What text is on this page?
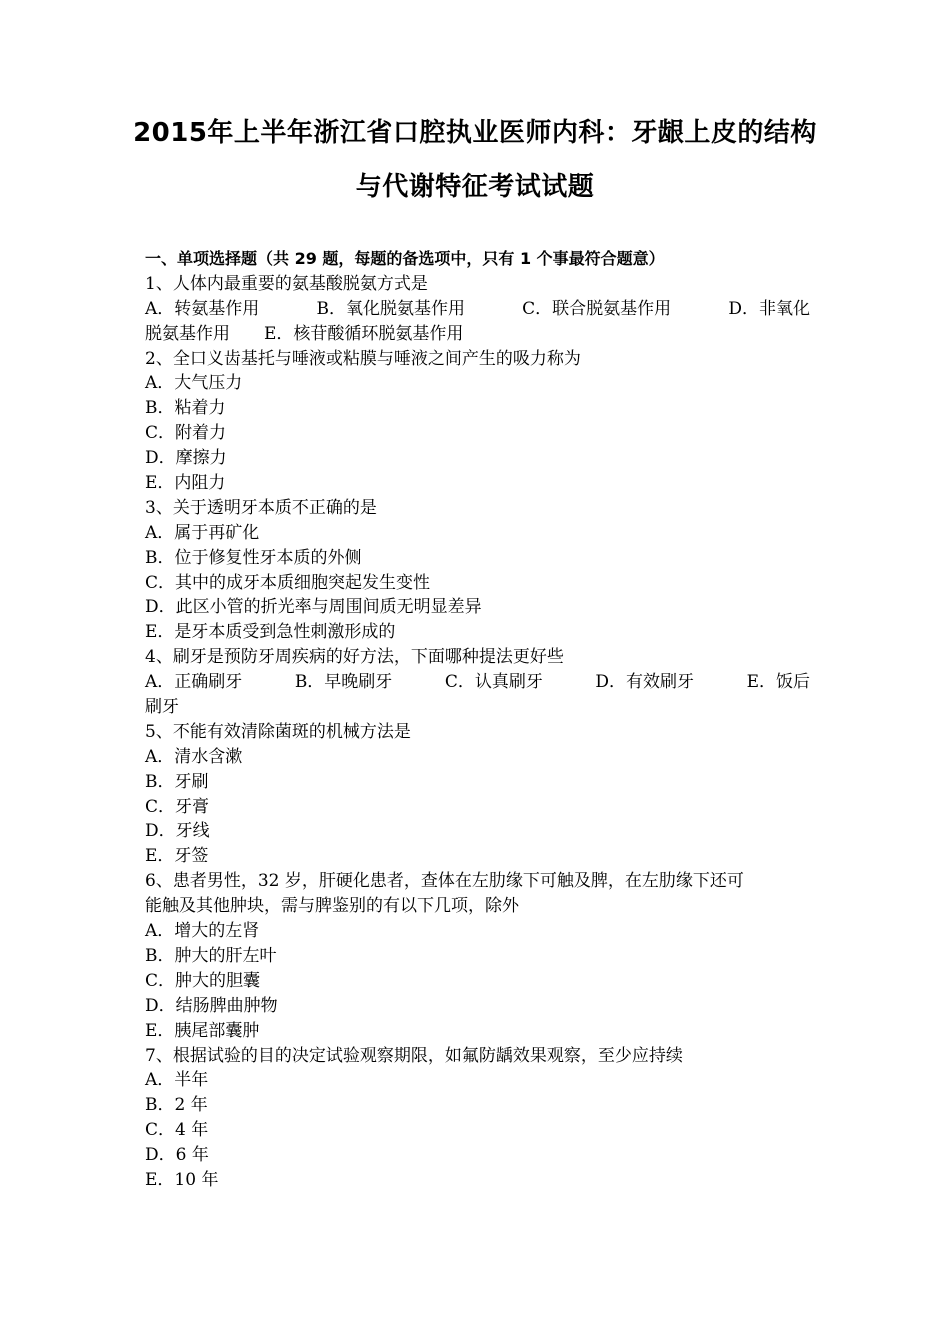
2015年上半年浙江省口腔执业医师内科：牙龈上皮的结构
与代谢特征考试试题
一、单项选择题（共 29 题，每题的备选项中，只有 1 个事最符合题意）
1、人体内最重要的氨基酸脱氨方式是
A．转氨基作用	B．氧化脱氨基作用	C．联合脱氨基作用	D．非氧化
脱氨基作用 E．核苷酸循环脱氨基作用
2、全口义齿基托与唾液或粘膜与唾液之间产生的吸力称为
A．大气压力
B．粘着力
C．附着力
D．摩擦力
E．内阻力
3、关于透明牙本质不正确的是
A．属于再矿化
B．位于修复性牙本质的外侧
C．其中的成牙本质细胞突起发生变性
D．此区小管的折光率与周围间质无明显差异
E．是牙本质受到急性刺激形成的
4、刷牙是预防牙周疾病的好方法，下面哪种提法更好些
A．正确刷牙	B．早晚刷牙	C．认真刷牙	D．有效刷牙	E．饭后
刷牙
5、不能有效清除菌斑的机械方法是
A．清水含漱
B．牙刷
C．牙膏
D．牙线
E．牙签
6、患者男性，32 岁，肝硬化患者，查体在左肋缘下可触及脾，在左肋缘下还可
能触及其他肿块，需与脾鉴别的有以下几项，除外
A．增大的左肾
B．肿大的肝左叶
C．肿大的胆囊
D．结肠脾曲肿物
E．胰尾部囊肿
7、根据试验的目的决定试验观察期限，如氟防龋效果观察，至少应持续
A．半年
B．2 年
C．4 年
D．6 年
E．10 年
